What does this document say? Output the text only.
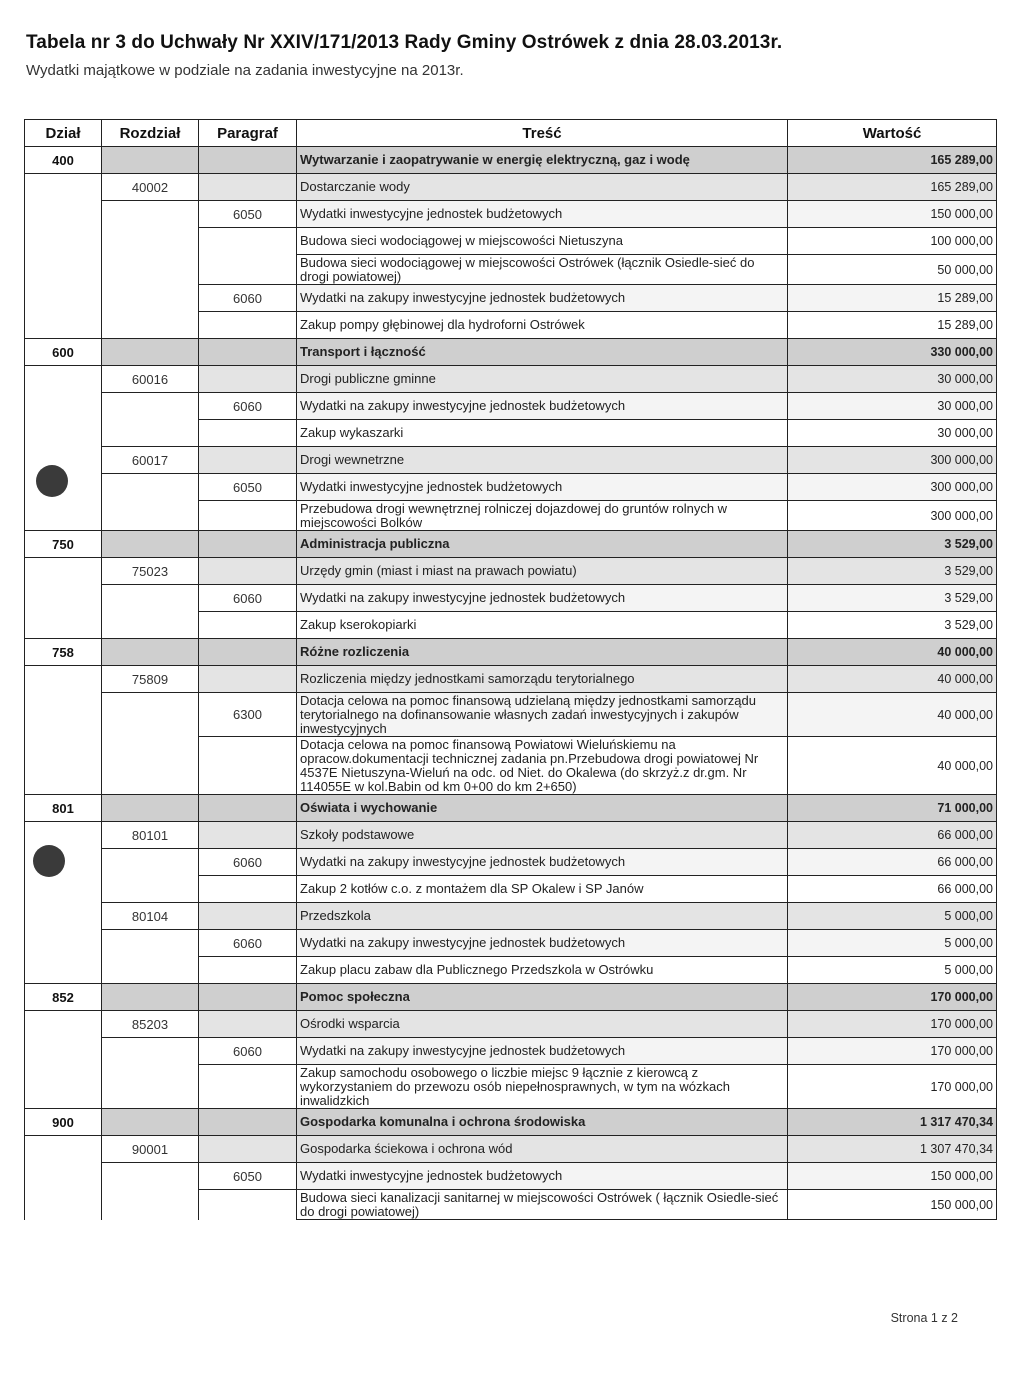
Tabela nr 3 do Uchwały Nr XXIV/171/2013 Rady Gminy Ostrówek z dnia 28.03.2013r.
Wydatki majątkowe w podziale na zadania inwestycyjne na 2013r.
Dział	Rozdział	Paragraf	Treść	Wartość
400			Wytwarzanie i zaopatrywanie w energię elektryczną, gaz i wodę	165 289,00
	40002		Dostarczanie wody	165 289,00
		6050	Wydatki inwestycyjne jednostek budżetowych	150 000,00
			Budowa sieci wodociągowej w miejscowości Nietuszyna	100 000,00
			Budowa sieci wodociągowej w miejscowości Ostrówek (łącznik Osiedle-sieć do drogi powiatowej)	50 000,00
		6060	Wydatki na zakupy inwestycyjne jednostek budżetowych	15 289,00
			Zakup pompy głębinowej dla hydroforni Ostrówek	15 289,00
600			Transport i łączność	330 000,00
	60016		Drogi publiczne gminne	30 000,00
		6060	Wydatki na zakupy inwestycyjne jednostek budżetowych	30 000,00
			Zakup wykaszarki	30 000,00
	60017		Drogi wewnetrzne	300 000,00
		6050	Wydatki inwestycyjne jednostek budżetowych	300 000,00
			Przebudowa drogi wewnętrznej rolniczej dojazdowej do gruntów rolnych w miejscowości Bolków	300 000,00
750			Administracja publiczna	3 529,00
	75023		Urzędy gmin (miast i miast na prawach powiatu)	3 529,00
		6060	Wydatki na zakupy inwestycyjne jednostek budżetowych	3 529,00
			Zakup kserokopiarki	3 529,00
758			Różne rozliczenia	40 000,00
	75809		Rozliczenia między jednostkami samorządu terytorialnego	40 000,00
		6300	Dotacja celowa na pomoc finansową udzielaną między jednostkami samorządu terytorialnego na dofinansowanie własnych zadań inwestycyjnych i zakupów inwestycyjnych	40 000,00
			Dotacja celowa na pomoc finansową Powiatowi Wieluńskiemu na opracow.dokumentacji technicznej zadania pn.Przebudowa drogi powiatowej Nr 4537E Nietuszyna-Wieluń na odc. od Niet. do Okalewa (do skrzyż.z dr.gm. Nr 114055E w kol.Babin od km 0+00 do km 2+650)	40 000,00
801			Oświata i wychowanie	71 000,00
	80101		Szkoły podstawowe	66 000,00
		6060	Wydatki na zakupy inwestycyjne jednostek budżetowych	66 000,00
			Zakup 2 kotłów c.o. z montażem dla SP Okalew i SP Janów	66 000,00
	80104		Przedszkola	5 000,00
		6060	Wydatki na zakupy inwestycyjne jednostek budżetowych	5 000,00
			Zakup placu zabaw dla Publicznego Przedszkola w Ostrówku	5 000,00
852			Pomoc społeczna	170 000,00
	85203		Ośrodki wsparcia	170 000,00
		6060	Wydatki na zakupy inwestycyjne jednostek budżetowych	170 000,00
			Zakup samochodu osobowego o liczbie miejsc 9 łącznie z kierowcą z wykorzystaniem do przewozu osób niepełnosprawnych, w tym na wózkach inwalidzkich	170 000,00
900			Gospodarka komunalna i ochrona środowiska	1 317 470,34
	90001		Gospodarka ściekowa i ochrona wód	1 307 470,34
		6050	Wydatki inwestycyjne jednostek budżetowych	150 000,00
			Budowa sieci kanalizacji sanitarnej w miejscowości Ostrówek ( łącznik Osiedle-sieć do drogi powiatowej)	150 000,00
Strona 1 z 2
